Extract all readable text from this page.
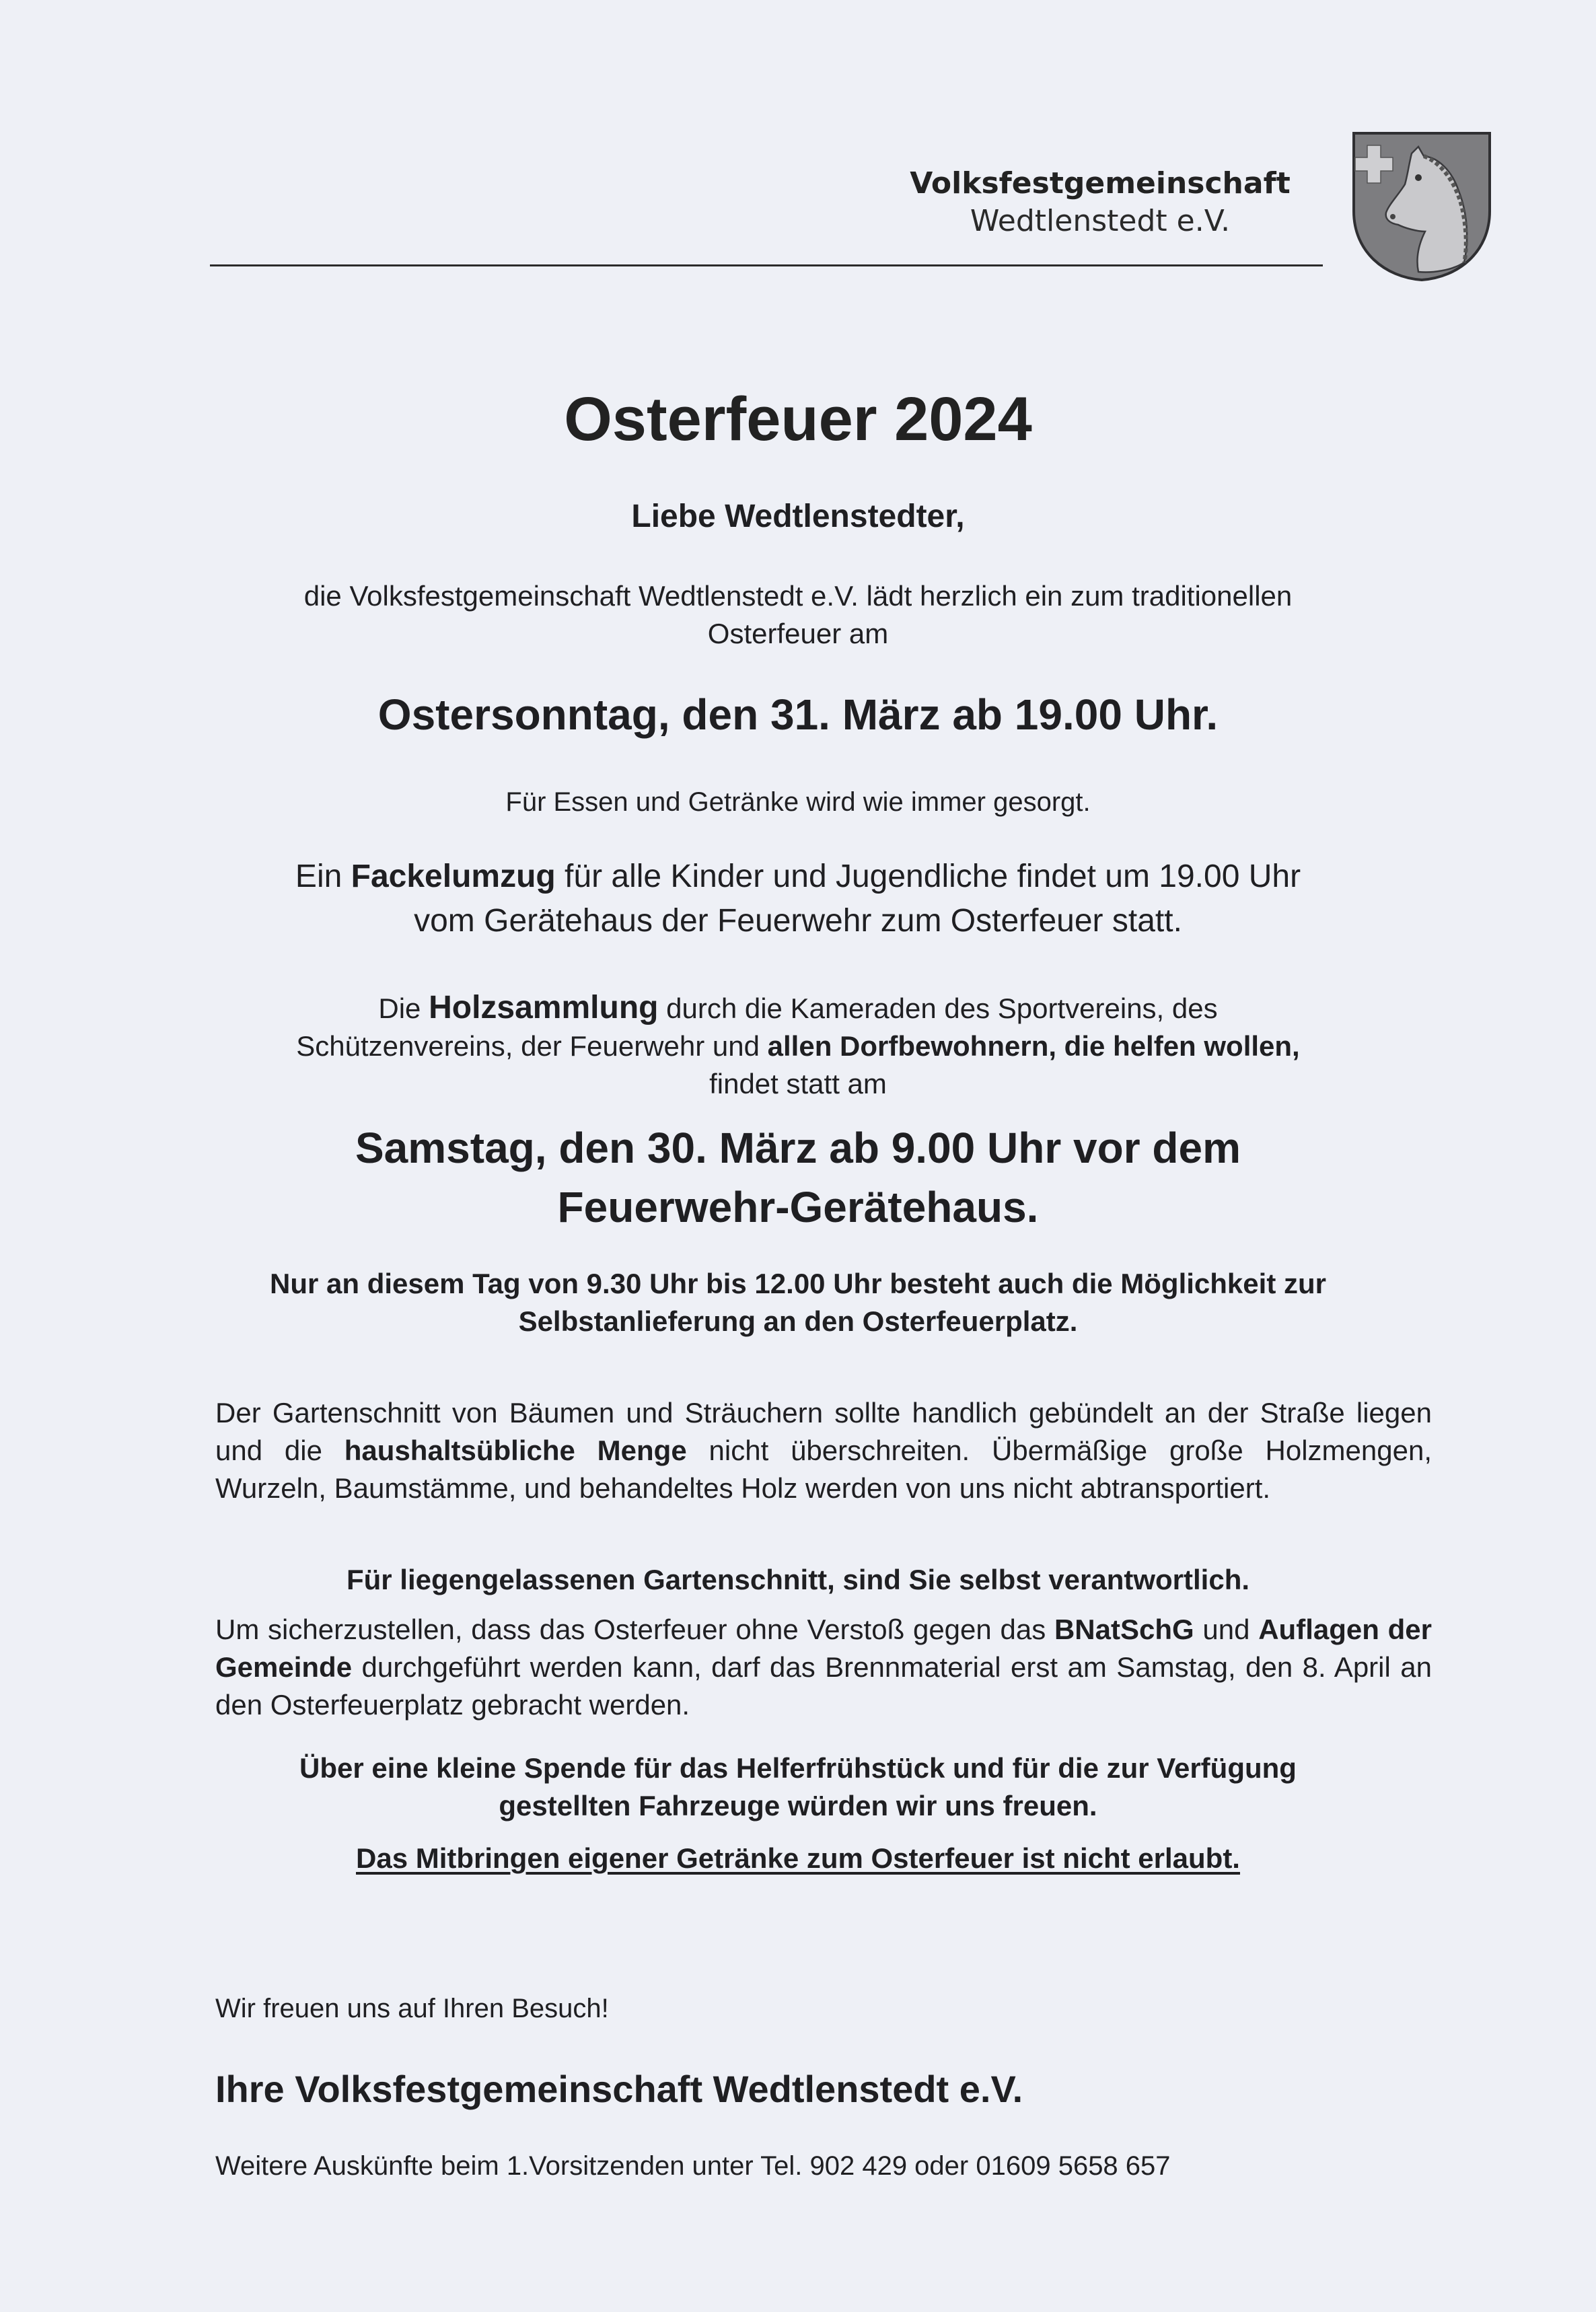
Volksfestgemeinschaft
Wedtlenstedt e.V.
Osterfeuer 2024
Liebe Wedtlenstedter,
die Volksfestgemeinschaft Wedtlenstedt e.V. lädt herzlich ein zum traditionellen
Osterfeuer am
Ostersonntag, den 31. März ab 19.00 Uhr.
Für Essen und Getränke wird wie immer gesorgt.
Ein Fackelumzug für alle Kinder und Jugendliche findet um 19.00 Uhr
vom Gerätehaus der Feuerwehr zum Osterfeuer statt.
Die Holzsammlung durch die Kameraden des Sportvereins, des
Schützenvereins, der Feuerwehr und allen Dorfbewohnern, die helfen wollen,
findet statt am
Samstag, den 30. März ab 9.00 Uhr vor dem
Feuerwehr-Gerätehaus.
Nur an diesem Tag von 9.30 Uhr bis 12.00 Uhr besteht auch die Möglichkeit zur
Selbstanlieferung an den Osterfeuerplatz.
Der Gartenschnitt von Bäumen und Sträuchern sollte handlich gebündelt an der Straße liegen und die haushaltsübliche Menge nicht überschreiten. Übermäßige große Holzmengen, Wurzeln, Baumstämme, und behandeltes Holz werden von uns nicht abtransportiert.
Für liegengelassenen Gartenschnitt, sind Sie selbst verantwortlich.
Um sicherzustellen, dass das Osterfeuer ohne Verstoß gegen das BNatSchG und Auflagen der Gemeinde durchgeführt werden kann, darf das Brennmaterial erst am Samstag, den 8. April an den Osterfeuerplatz gebracht werden.
Über eine kleine Spende für das Helferfrühstück und für die zur Verfügung
gestellten Fahrzeuge würden wir uns freuen.
Das Mitbringen eigener Getränke zum Osterfeuer ist nicht erlaubt.
Wir freuen uns auf Ihren Besuch!
Ihre Volksfestgemeinschaft Wedtlenstedt e.V.
Weitere Auskünfte beim 1.Vorsitzenden unter Tel. 902 429 oder 01609 5658 657
